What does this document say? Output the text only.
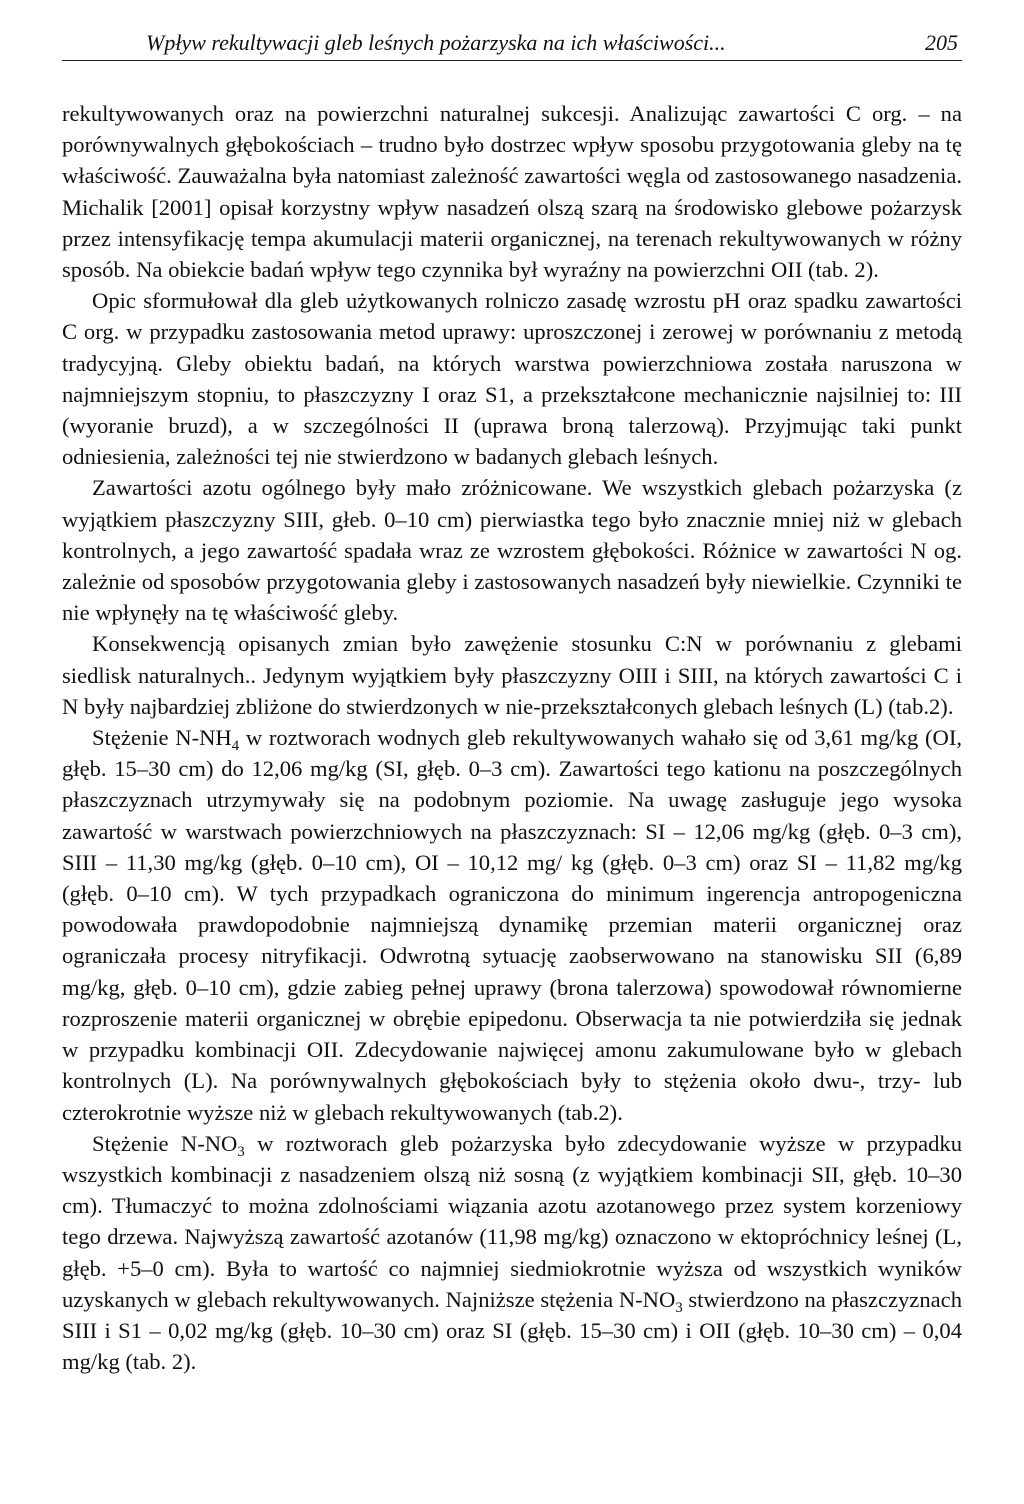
Wpływ rekultywacji gleb leśnych pożarzyska na ich właściwości...	205

rekultywowanych oraz na powierzchni naturalnej sukcesji. Analizując zawartości C org. – na porównywalnych głębokościach – trudno było dostrzec wpływ sposobu przygotowania gleby na tę właściwość. Zauważalna była natomiast zależność zawartości węgla od zastosowanego nasadzenia. Michalik [2001] opisał korzystny wpływ nasadzeń olszą szarą na środowisko glebowe pożarzysk przez intensyfikację tempa akumulacji materii organicznej, na terenach rekultywowanych w różny sposób. Na obiekcie badań wpływ tego czynnika był wyraźny na powierzchni OII (tab. 2).

Opic sformułował dla gleb użytkowanych rolniczo zasadę wzrostu pH oraz spadku zawartości C org. w przypadku zastosowania metod uprawy: uproszczonej i zerowej w porównaniu z metodą tradycyjną. Gleby obiektu badań, na których warstwa powierzchniowa została naruszona w najmniejszym stopniu, to płaszczyzny I oraz S1, a przekształcone mechanicznie najsilniej to: III (wyoranie bruzd), a w szczególności II (uprawa broną talerzową). Przyjmując taki punkt odniesienia, zależności tej nie stwierdzono w badanych glebach leśnych.

Zawartości azotu ogólnego były mało zróżnicowane. We wszystkich glebach pożarzyska (z wyjątkiem płaszczyzny SIII, głeb. 0–10 cm) pierwiastka tego było znacznie mniej niż w glebach kontrolnych, a jego zawartość spadała wraz ze wzrostem głębokości. Różnice w zawartości N og. zależnie od sposobów przygotowania gleby i zastosowanych nasadzeń były niewielkie. Czynniki te nie wpłynęły na tę właściwość gleby.

Konsekwencją opisanych zmian było zawężenie stosunku C:N w porównaniu z glebami siedlisk naturalnych.. Jedynym wyjątkiem były płaszczyzny OIII i SIII, na których zawartości C i N były najbardziej zbliżone do stwierdzonych w nie-przekształconych glebach leśnych (L) (tab.2).

Stężenie $N-NH_4$ w roztworach wodnych gleb rekultywowanych wahało się od 3,61 mg/kg (OI, głęb. 15–30 cm) do 12,06 mg/kg (SI, głęb. 0–3 cm). Zawartości tego kationu na poszczególnych płaszczyznach utrzymywały się na podobnym poziomie. Na uwagę zasługuje jego wysoka zawartość w warstwach powierzchniowych na płaszczyznach: SI – 12,06 mg/kg (głęb. 0–3 cm), SIII – 11,30 mg/kg (głęb. 0–10 cm), OI – 10,12 mg/ kg (głęb. 0–3 cm) oraz SI – 11,82 mg/kg (głęb. 0–10 cm). W tych przypadkach ograniczona do minimum ingerencja antropogeniczna powodowała prawdopodobnie najmniejszą dynamikę przemian materii organicznej oraz ograniczała procesy nitryfikacji. Odwrotną sytuację zaobserwowano na stanowisku SII (6,89 mg/kg, głęb. 0–10 cm), gdzie zabieg pełnej uprawy (brona talerzowa) spowodował równomierne rozproszenie materii organicznej w obrębie epipedonu. Obserwacja ta nie potwierdziła się jednak w przypadku kombinacji OII. Zdecydowanie najwięcej amonu zakumulowane było w glebach kontrolnych (L). Na porównywalnych głębokościach były to stężenia około dwu-, trzy- lub czterokrotnie wyższe niż w glebach rekultywowanych (tab.2).

Stężenie $N-NO_3$ w roztworach gleb pożarzyska było zdecydowanie wyższe w przypadku wszystkich kombinacji z nasadzeniem olszą niż sosną (z wyjątkiem kombinacji SII, głęb. 10–30 cm). Tłumaczyć to można zdolnościami wiązania azotu azotanowego przez system korzeniowy tego drzewa. Najwyższą zawartość azotanów (11,98 mg/kg) oznaczono w ektopróchnicy leśnej (L, głęb. +5–0 cm). Była to wartość co najmniej siedmiokrotnie wyższa od wszystkich wyników uzyskanych w glebach rekultywowanych. Najniższe stężenia $N-NO_3$ stwierdzono na płaszczyznach SIII i S1 – 0,02 mg/kg (głęb. 10–30 cm) oraz SI (głęb. 15–30 cm) i OII (głęb. 10–30 cm) – 0,04 mg/kg (tab. 2).
